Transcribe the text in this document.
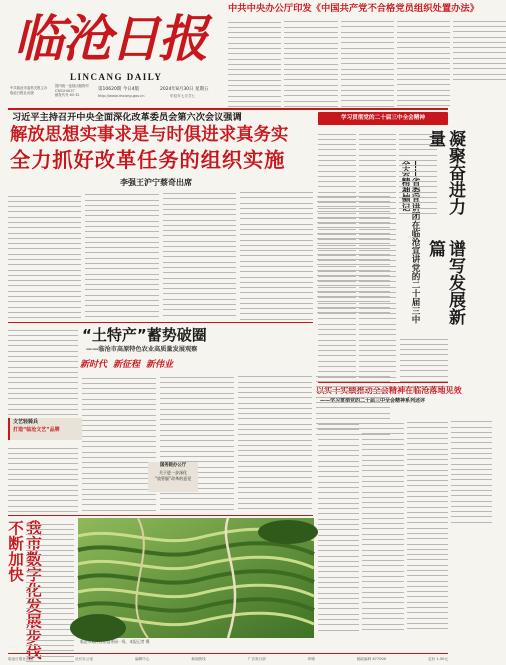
临沧日报
LINCANG DAILY
中共临沧市委机关报主办
临沧日报社出版
国内统一连续出版物号
CN53-0037
邮发代号 63-12
第10620期 今日4版	2024年8月30日 星期五
http://www.lincang.gov.cn	甲辰年七月廿七
中共中央办公厅印发《中国共产党不合格党员组织处置办法》
习近平主持召开中央全面深化改革委员会第六次会议强调
解放思想实事求是与时俱进求真务实
全力抓好改革任务的组织实施
李强王沪宁蔡奇出席
学习贯彻党的二十届三中全会精神
凝聚奋进力量
谱写发展新篇
——省委宣讲团在临沧宣讲党的二十届三中全会精神侧记
以实干实绩推动全会精神在临沧落地见效
——学习贯彻党的二十届三中全会精神系列述评
“土特产”蓄势破圈
——临沧市高原特色农业高质量发展观察
新时代 新征程 新伟业
文艺轻骑兵
打造“临沧文艺”品牌
国务院办公厅
关于进一步深化
“放管服”改革的意见
我市数字化发展步伐不断加快
临沧市双江自治县茶园一角。本报记者 摄
临沧日报社出版	社长办公室	编辑中心	新闻热线	广告发行部	印刷	邮政编码 677000	定价 1.50元
